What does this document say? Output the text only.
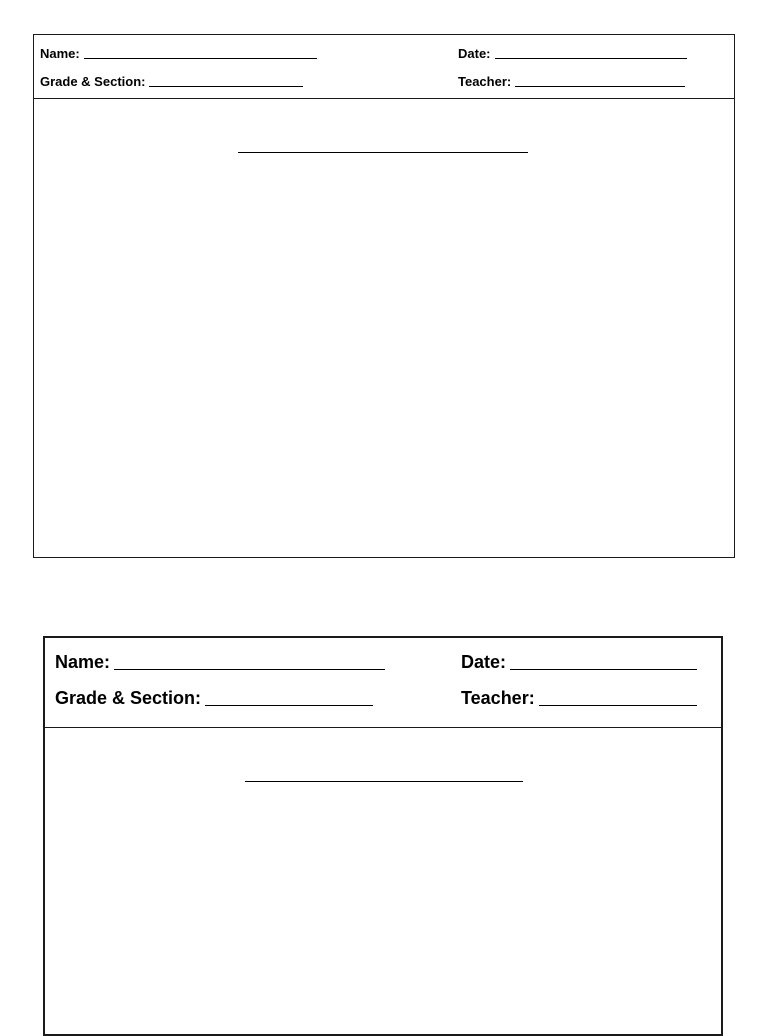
Name:
Grade & Section:
Date:
Teacher:
Name:
Grade & Section:
Date:
Teacher:
